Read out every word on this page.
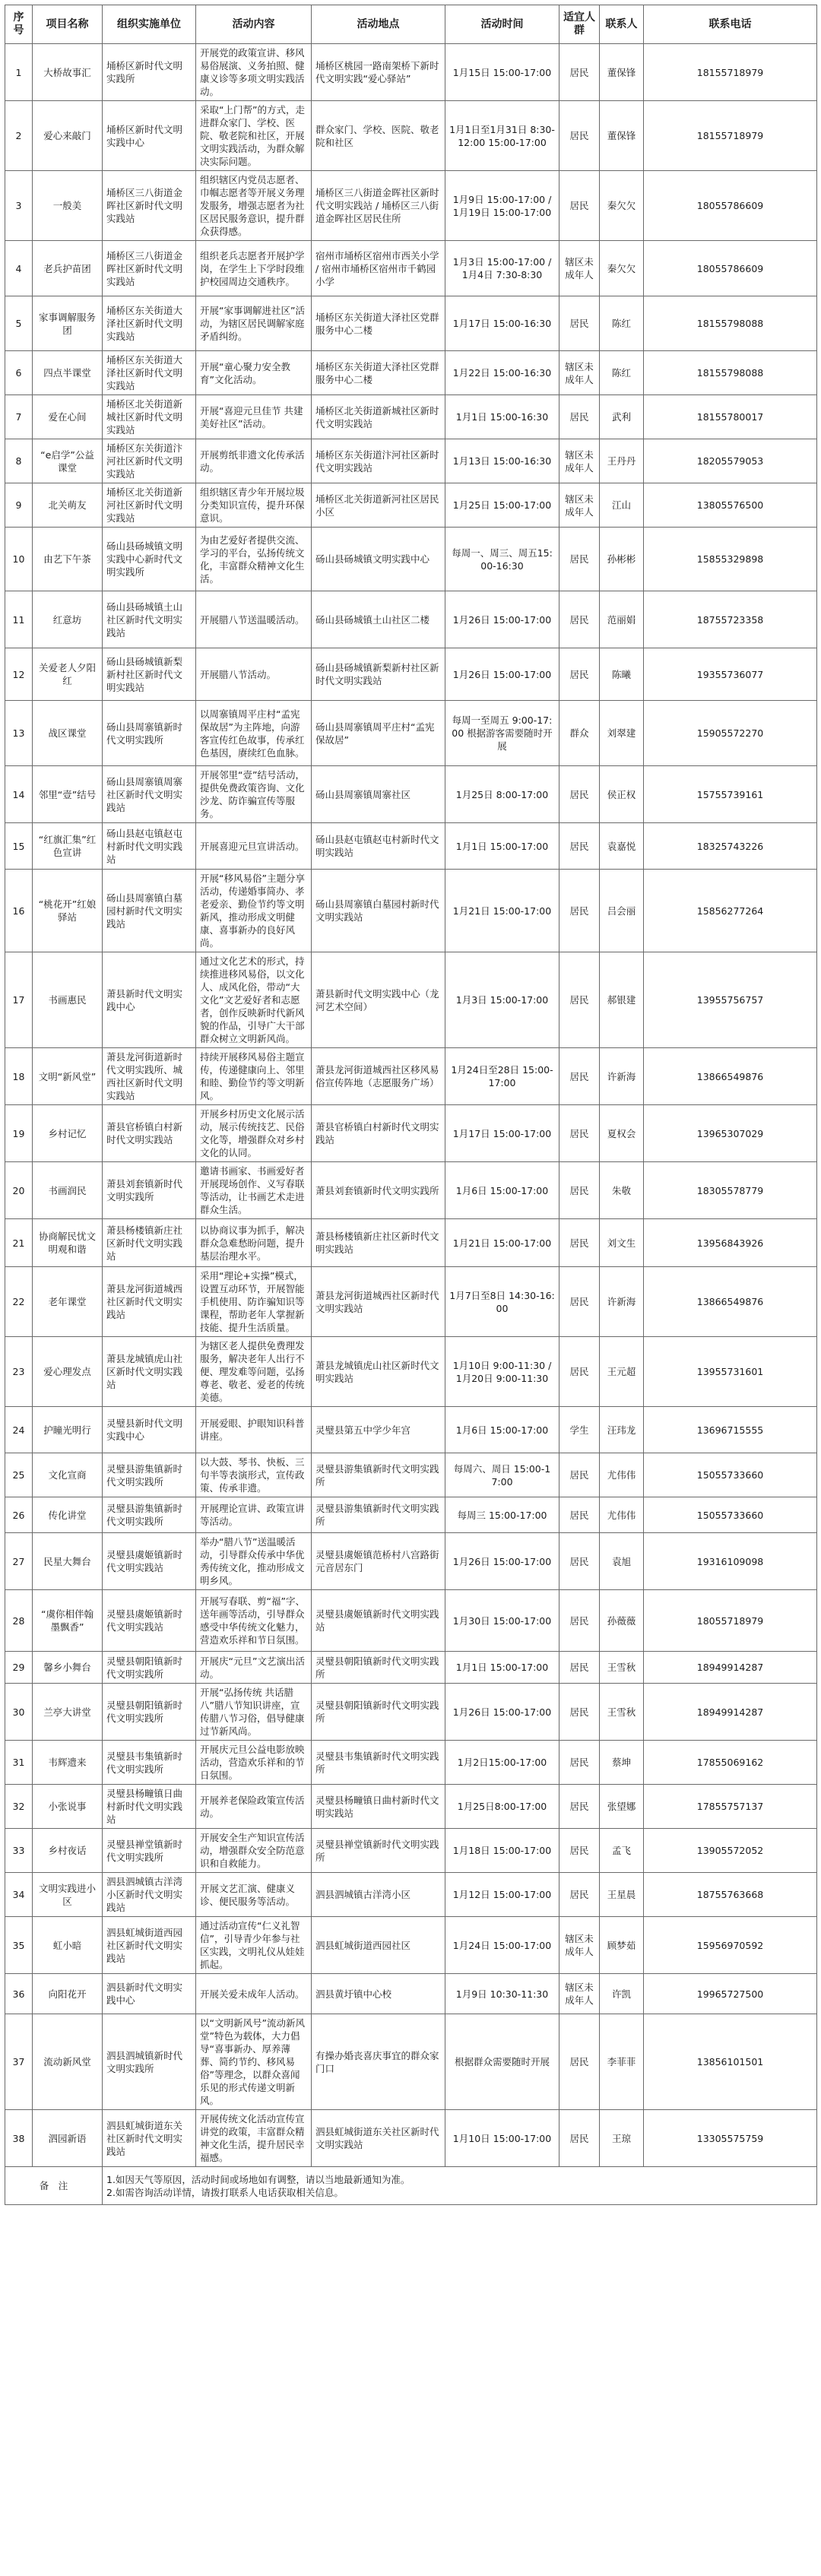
序号	项目名称	组织实施单位	活动内容	活动地点	活动时间	适宜人群	联系人	联系电话
1	大桥故事汇	埇桥区新时代文明实践所	开展党的政策宣讲、移风易俗展演、义务拍照、健康义诊等多项文明实践活动。	埇桥区桃园一路南架桥下新时代文明实践“爱心驿站”	1月15日 15:00-17:00	居民	董保锋	18155718979
2	爱心来敲门	埇桥区新时代文明实践中心	采取“上门帮”的方式，走进群众家门、学校、医院、敬老院和社区，开展文明实践活动，为群众解决实际问题。	群众家门、学校、医院、敬老院和社区	1月1日至1月31日 8:30-12:00 15:00-17:00	居民	董保锋	18155718979
3	一般美	埇桥区三八街道金晖社区新时代文明实践站	组织辖区内党员志愿者、巾帼志愿者等开展义务理发服务，增强志愿者为社区居民服务意识，提升群众获得感。	埇桥区三八街道金晖社区新时代文明实践站 / 埇桥区三八街道金晖社区居民住所	1月9日 15:00-17:00 / 1月19日 15:00-17:00	居民	秦欠欠	18055786609
4	老兵护苗团	埇桥区三八街道金晖社区新时代文明实践站	组织老兵志愿者开展护学岗，在学生上下学时段维护校园周边交通秩序。	宿州市埇桥区宿州市西关小学 / 宿州市埇桥区宿州市千鹤园小学	1月3日 15:00-17:00 / 1月4日 7:30-8:30	辖区未成年人	秦欠欠	18055786609
5	家事调解服务团	埇桥区东关街道大泽社区新时代文明实践站	开展“家事调解进社区”活动，为辖区居民调解家庭矛盾纠纷。	埇桥区东关街道大泽社区党群服务中心二楼	1月17日 15:00-16:30	居民	陈红	18155798088
6	四点半课堂	埇桥区东关街道大泽社区新时代文明实践站	开展“童心聚力安全教育”文化活动。	埇桥区东关街道大泽社区党群服务中心二楼	1月22日 15:00-16:30	辖区未成年人	陈红	18155798088
7	爱在心间	埇桥区北关街道新城社区新时代文明实践站	开展“喜迎元旦佳节 共建美好社区”活动。	埇桥区北关街道新城社区新时代文明实践站	1月1日 15:00-16:30	居民	武利	18155780017
8	“e启学”公益课堂	埇桥区东关街道汴河社区新时代文明实践站	开展剪纸非遗文化传承活动。	埇桥区东关街道汴河社区新时代文明实践站	1月13日 15:00-16:30	辖区未成年人	王丹丹	18205579053
9	北关萌友	埇桥区北关街道新河社区新时代文明实践站	组织辖区青少年开展垃圾分类知识宣传，提升环保意识。	埇桥区北关街道新河社区居民小区	1月25日 15:00-17:00	辖区未成年人	江山	13805576500
10	由艺下午茶	砀山县砀城镇文明实践中心新时代文明实践所	为由艺爱好者提供交流、学习的平台，弘扬传统文化，丰富群众精神文化生活。	砀山县砀城镇文明实践中心	每周一、周三、周五15:00-16:30	居民	孙彬彬	15855329898
11	红意坊	砀山县砀城镇土山社区新时代文明实践站	开展腊八节送温暖活动。	砀山县砀城镇土山社区二楼	1月26日 15:00-17:00	居民	范丽娟	18755723358
12	关爱老人夕阳红	砀山县砀城镇新梨新村社区新时代文明实践站	开展腊八节活动。	砀山县砀城镇新梨新村社区新时代文明实践站	1月26日 15:00-17:00	居民	陈曦	19355736077
13	战区课堂	砀山县周寨镇新时代文明实践所	以周寨镇周平庄村“孟宪保故居”为主阵地，向游客宣传红色故事，传承红色基因，赓续红色血脉。	砀山县周寨镇周平庄村“孟宪保故居”	每周一至周五 9:00-17:00 根据游客需要随时开展	群众	刘翠建	15905572270
14	邻里“壹”结号	砀山县周寨镇周寨社区新时代文明实践站	开展邻里“壹”结号活动，提供免费政策咨询、文化沙龙、防诈骗宣传等服务。	砀山县周寨镇周寨社区	1月25日 8:00-17:00	居民	侯正权	15755739161
15	“红旗汇集”红色宣讲	砀山县赵屯镇赵屯村新时代文明实践站	开展喜迎元旦宣讲活动。	砀山县赵屯镇赵屯村新时代文明实践站	1月1日 15:00-17:00	居民	袁嘉悦	18325743226
16	“桃花开”红娘驿站	砀山县周寨镇白墓园村新时代文明实践站	开展“移风易俗”主题分享活动，传递婚事简办、孝老爱亲、勤俭节约等文明新风，推动形成文明健康、喜事新办的良好风尚。	砀山县周寨镇白墓园村新时代文明实践站	1月21日 15:00-17:00	居民	吕会丽	15856277264
17	书画惠民	萧县新时代文明实践中心	通过文化艺术的形式，持续推进移风易俗，以文化人、成风化俗，带动“大文化”文艺爱好者和志愿者，创作反映新时代新风貌的作品，引导广大干部群众树立文明新风尚。	萧县新时代文明实践中心（龙河艺术空间）	1月3日 15:00-17:00	居民	郝银建	13955756757
18	文明“新风堂”	萧县龙河街道新时代文明实践所、城西社区新时代文明实践站	持续开展移风易俗主题宣传，传递健康向上、邻里和睦、勤俭节约等文明新风。	萧县龙河街道城西社区移风易俗宣传阵地（志愿服务广场）	1月24日至28日 15:00-17:00	居民	许新海	13866549876
19	乡村记忆	萧县官桥镇白村新时代文明实践站	开展乡村历史文化展示活动，展示传统技艺、民俗文化等，增强群众对乡村文化的认同。	萧县官桥镇白村新时代文明实践站	1月17日 15:00-17:00	居民	夏权会	13965307029
20	书画润民	萧县刘套镇新时代文明实践所	邀请书画家、书画爱好者开展现场创作、义写春联等活动，让书画艺术走进群众生活。	萧县刘套镇新时代文明实践所	1月6日 15:00-17:00	居民	朱敬	18305578779
21	协商解民忧文明观和谐	萧县杨楼镇新庄社区新时代文明实践站	以协商议事为抓手，解决群众急难愁盼问题，提升基层治理水平。	萧县杨楼镇新庄社区新时代文明实践站	1月21日 15:00-17:00	居民	刘文生	13956843926
22	老年课堂	萧县龙河街道城西社区新时代文明实践站	采用“理论+实操”模式，设置互动环节，开展智能手机使用、防诈骗知识等课程，帮助老年人掌握新技能、提升生活质量。	萧县龙河街道城西社区新时代文明实践站	1月7日至8日 14:30-16:00	居民	许新海	13866549876
23	爱心理发点	萧县龙城镇虎山社区新时代文明实践站	为辖区老人提供免费理发服务，解决老年人出行不便、理发难等问题，弘扬尊老、敬老、爱老的传统美德。	萧县龙城镇虎山社区新时代文明实践站	1月10日 9:00-11:30 / 1月20日 9:00-11:30	居民	王元超	13955731601
24	护瞳光明行	灵璧县新时代文明实践中心	开展爱眼、护眼知识科普讲座。	灵璧县第五中学少年宫	1月6日 15:00-17:00	学生	汪玮龙	13696715555
25	文化宣商	灵璧县游集镇新时代文明实践所	以大鼓、琴书、快板、三句半等表演形式，宣传政策、传承非遗。	灵璧县游集镇新时代文明实践所	每周六、周日 15:00-17:00	居民	尤伟伟	15055733660
26	传化讲堂	灵璧县游集镇新时代文明实践所	开展理论宣讲、政策宣讲等活动。	灵璧县游集镇新时代文明实践所	每周三 15:00-17:00	居民	尤伟伟	15055733660
27	民星大舞台	灵璧县虞姬镇新时代文明实践站	举办“腊八节”送温暖活动，引导群众传承中华优秀传统文化，推动形成文明乡风。	灵璧县虞姬镇范桥村八宫路街元音居东门	1月26日 15:00-17:00	居民	袁旭	19316109098
28	“虞你相伴翰墨飘香”	灵璧县虞姬镇新时代文明实践站	开展写春联、剪“福”字、送年画等活动，引导群众感受中华传统文化魅力，营造欢乐祥和节日氛围。	灵璧县虞姬镇新时代文明实践站	1月30日 15:00-17:00	居民	孙薇薇	18055718979
29	馨乡小舞台	灵璧县朝阳镇新时代文明实践所	开展庆“元旦”文艺演出活动。	灵璧县朝阳镇新时代文明实践所	1月1日 15:00-17:00	居民	王雪秋	18949914287
30	兰亭大讲堂	灵璧县朝阳镇新时代文明实践所	开展“弘扬传统 共话腊八”腊八节知识讲座，宣传腊八节习俗，倡导健康过节新风尚。	灵璧县朝阳镇新时代文明实践所	1月26日 15:00-17:00	居民	王雪秋	18949914287
31	韦辉遗来	灵璧县韦集镇新时代文明实践所	开展庆元旦公益电影放映活动，营造欢乐祥和的节日氛围。	灵璧县韦集镇新时代文明实践所	1月2日15:00-17:00	居民	蔡坤	17855069162
32	小张说事	灵璧县杨疃镇日曲村新时代文明实践站	开展养老保险政策宣传活动。	灵璧县杨疃镇日曲村新时代文明实践站	1月25日8:00-17:00	居民	张望娜	17855757137
33	乡村夜话	灵璧县禅堂镇新时代文明实践所	开展安全生产知识宣传活动，增强群众安全防范意识和自救能力。	灵璧县禅堂镇新时代文明实践所	1月18日 15:00-17:00	居民	孟飞	13905572052
34	文明实践进小区	泗县泗城镇古洋湾小区新时代文明实践站	开展文艺汇演、健康义诊、便民服务等活动。	泗县泗城镇古洋湾小区	1月12日 15:00-17:00	居民	王星晨	18755763668
35	虹小暗	泗县虹城街道西园社区新时代文明实践站	通过活动宣传“仁义礼智信”，引导青少年参与社区实践，文明礼仪从娃娃抓起。	泗县虹城街道西园社区	1月24日 15:00-17:00	辖区未成年人	顾梦茹	15956970592
36	向阳花开	泗县新时代文明实践中心	开展关爱未成年人活动。	泗县黄圩镇中心校	1月9日 10:30-11:30	辖区未成年人	许凯	19965727500
37	流动新风堂	泗县泗城镇新时代文明实践所	以“文明新风号”流动新风堂”特色为载体，大力倡导“喜事新办、厚养薄葬、简约节约、移风易俗”等理念，以群众喜闻乐见的形式传递文明新风。	有操办婚丧喜庆事宜的群众家门口	根据群众需要随时开展	居民	李菲菲	13856101501
38	泗园新语	泗县虹城街道东关社区新时代文明实践站	开展传统文化活动宣传宣讲党的政策，丰富群众精神文化生活，提升居民幸福感。	泗县虹城街道东关社区新时代文明实践站	1月10日 15:00-17:00	居民	王琼	13305575759
备　注		1.如因天气等原因，活动时间或场地如有调整，请以当地最新通知为准。
2.如需咨询活动详情，请拨打联系人电话获取相关信息。						
